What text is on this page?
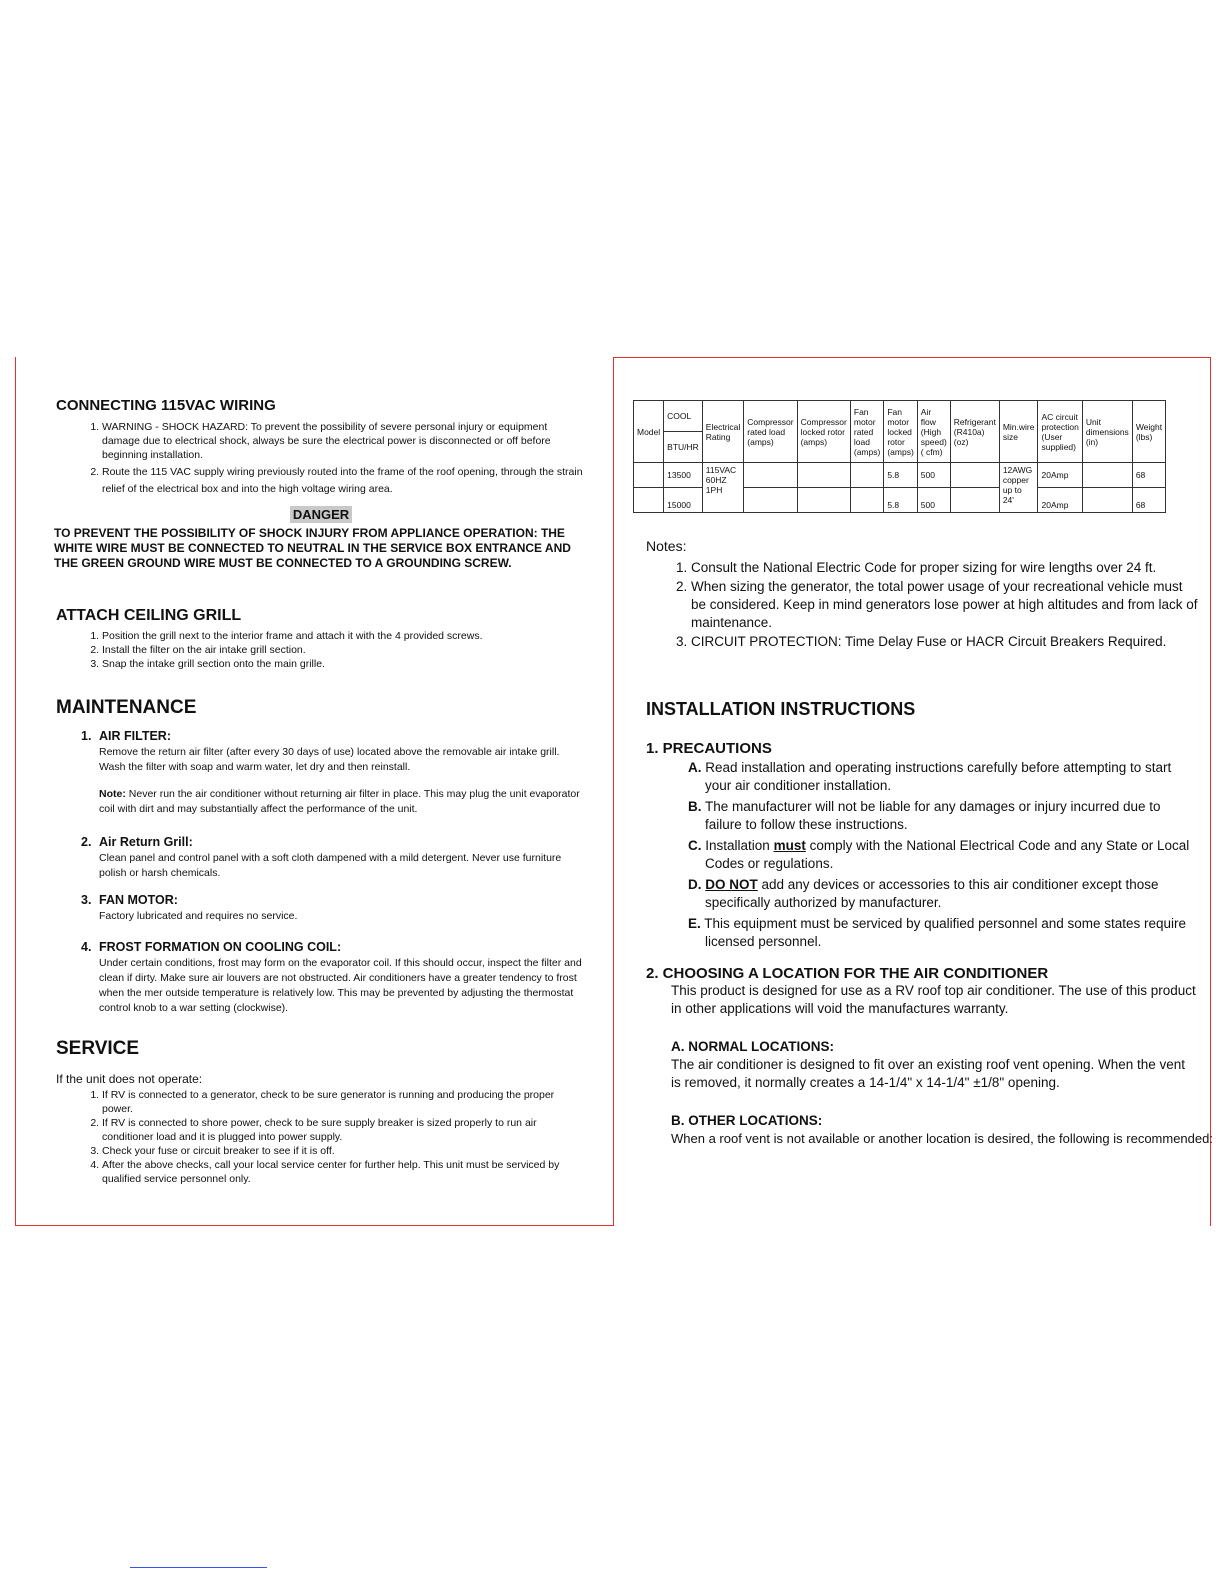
CONNECTING 115VAC WIRING
1. WARNING - SHOCK HAZARD: To prevent the possibility of severe personal injury or equipment damage due to electrical shock, always be sure the electrical power is disconnected or off before beginning installation.
2. Route the 115 VAC supply wiring previously routed into the frame of the roof opening, through the strain relief of the electrical box and into the high voltage wiring area.
DANGER
TO PREVENT THE POSSIBILITY OF SHOCK INJURY FROM APPLIANCE OPERATION: THE WHITE WIRE MUST BE CONNECTED TO NEUTRAL IN THE SERVICE BOX ENTRANCE AND THE GREEN GROUND WIRE MUST BE CONNECTED TO A GROUNDING SCREW.
ATTACH CEILING GRILL
1. Position the grill next to the interior frame and attach it with the 4 provided screws.
2. Install the filter on the air intake grill section.
3. Snap the intake grill section onto the main grille.
MAINTENANCE
1. AIR FILTER:
Remove the return air filter (after every 30 days of use) located above the removable air intake grill. Wash the filter with soap and warm water, let dry and then reinstall.
Note: Never run the air conditioner without returning air filter in place. This may plug the unit evaporator coil with dirt and may substantially affect the performance of the unit.
2. Air Return Grill:
Clean panel and control panel with a soft cloth dampened with a mild detergent. Never use furniture polish or harsh chemicals.
3. FAN MOTOR:
Factory lubricated and requires no service.
4. FROST FORMATION ON COOLING COIL:
Under certain conditions, frost may form on the evaporator coil. If this should occur, inspect the filter and clean if dirty. Make sure air louvers are not obstructed. Air conditioners have a greater tendency to frost when the mer outside temperature is relatively low. This may be prevented by adjusting the thermostat control knob to a war setting (clockwise).
SERVICE
If the unit does not operate:
1. If RV is connected to a generator, check to be sure generator is running and producing the proper power.
2. If RV is connected to shore power, check to be sure supply breaker is sized properly to run air conditioner load and it is plugged into power supply.
3. Check your fuse or circuit breaker to see if it is off.
4. After the above checks, call your local service center for further help. This unit must be serviced by qualified service personnel only.
Model	COOL	Electrical Rating	Compressor rated load (amps)	Compressor locked rotor (amps)	Fan motor rated load (amps)	Fan motor locked rotor (amps)	Air flow (High speed) ( cfm)	Refrigerant (R410a) (oz)	Min.wire size	AC circuit protection (User supplied)	Unit dimensions (in)	Weight (lbs)
	BTU/HR											
	13500	115VAC 60HZ 1PH				5.8	500		12AWG copper up to 24'	20Amp		68
	15000					5.8	500			20Amp		68
Notes:
1. Consult the National Electric Code for proper sizing for wire lengths over 24 ft.
2. When sizing the generator, the total power usage of your recreational vehicle must be considered. Keep in mind generators lose power at high altitudes and from lack of maintenance.
3. CIRCUIT PROTECTION: Time Delay Fuse or HACR Circuit Breakers Required.
INSTALLATION INSTRUCTIONS
1. PRECAUTIONS

A. Read installation and operating instructions carefully before attempting to start your air conditioner installation.

B. The manufacturer will not be liable for any damages or injury incurred due to failure to follow these instructions.

C. Installation must comply with the National Electrical Code and any State or Local Codes or regulations.

D. DO NOT add any devices or accessories to this air conditioner except those specifically authorized by manufacturer.

E. This equipment must be serviced by qualified personnel and some states require licensed personnel.

2. CHOOSING A LOCATION FOR THE AIR CONDITIONER
This product is designed for use as a RV roof top air conditioner. The use of this product in other applications will void the manufactures warranty.
A. NORMAL LOCATIONS:
The air conditioner is designed to fit over an existing roof vent opening. When the vent is removed, it normally creates a 14-1/4" x 14-1/4" ±1/8" opening.
B. OTHER LOCATIONS:
When a roof vent is not available or another location is desired, the following is recommended:
